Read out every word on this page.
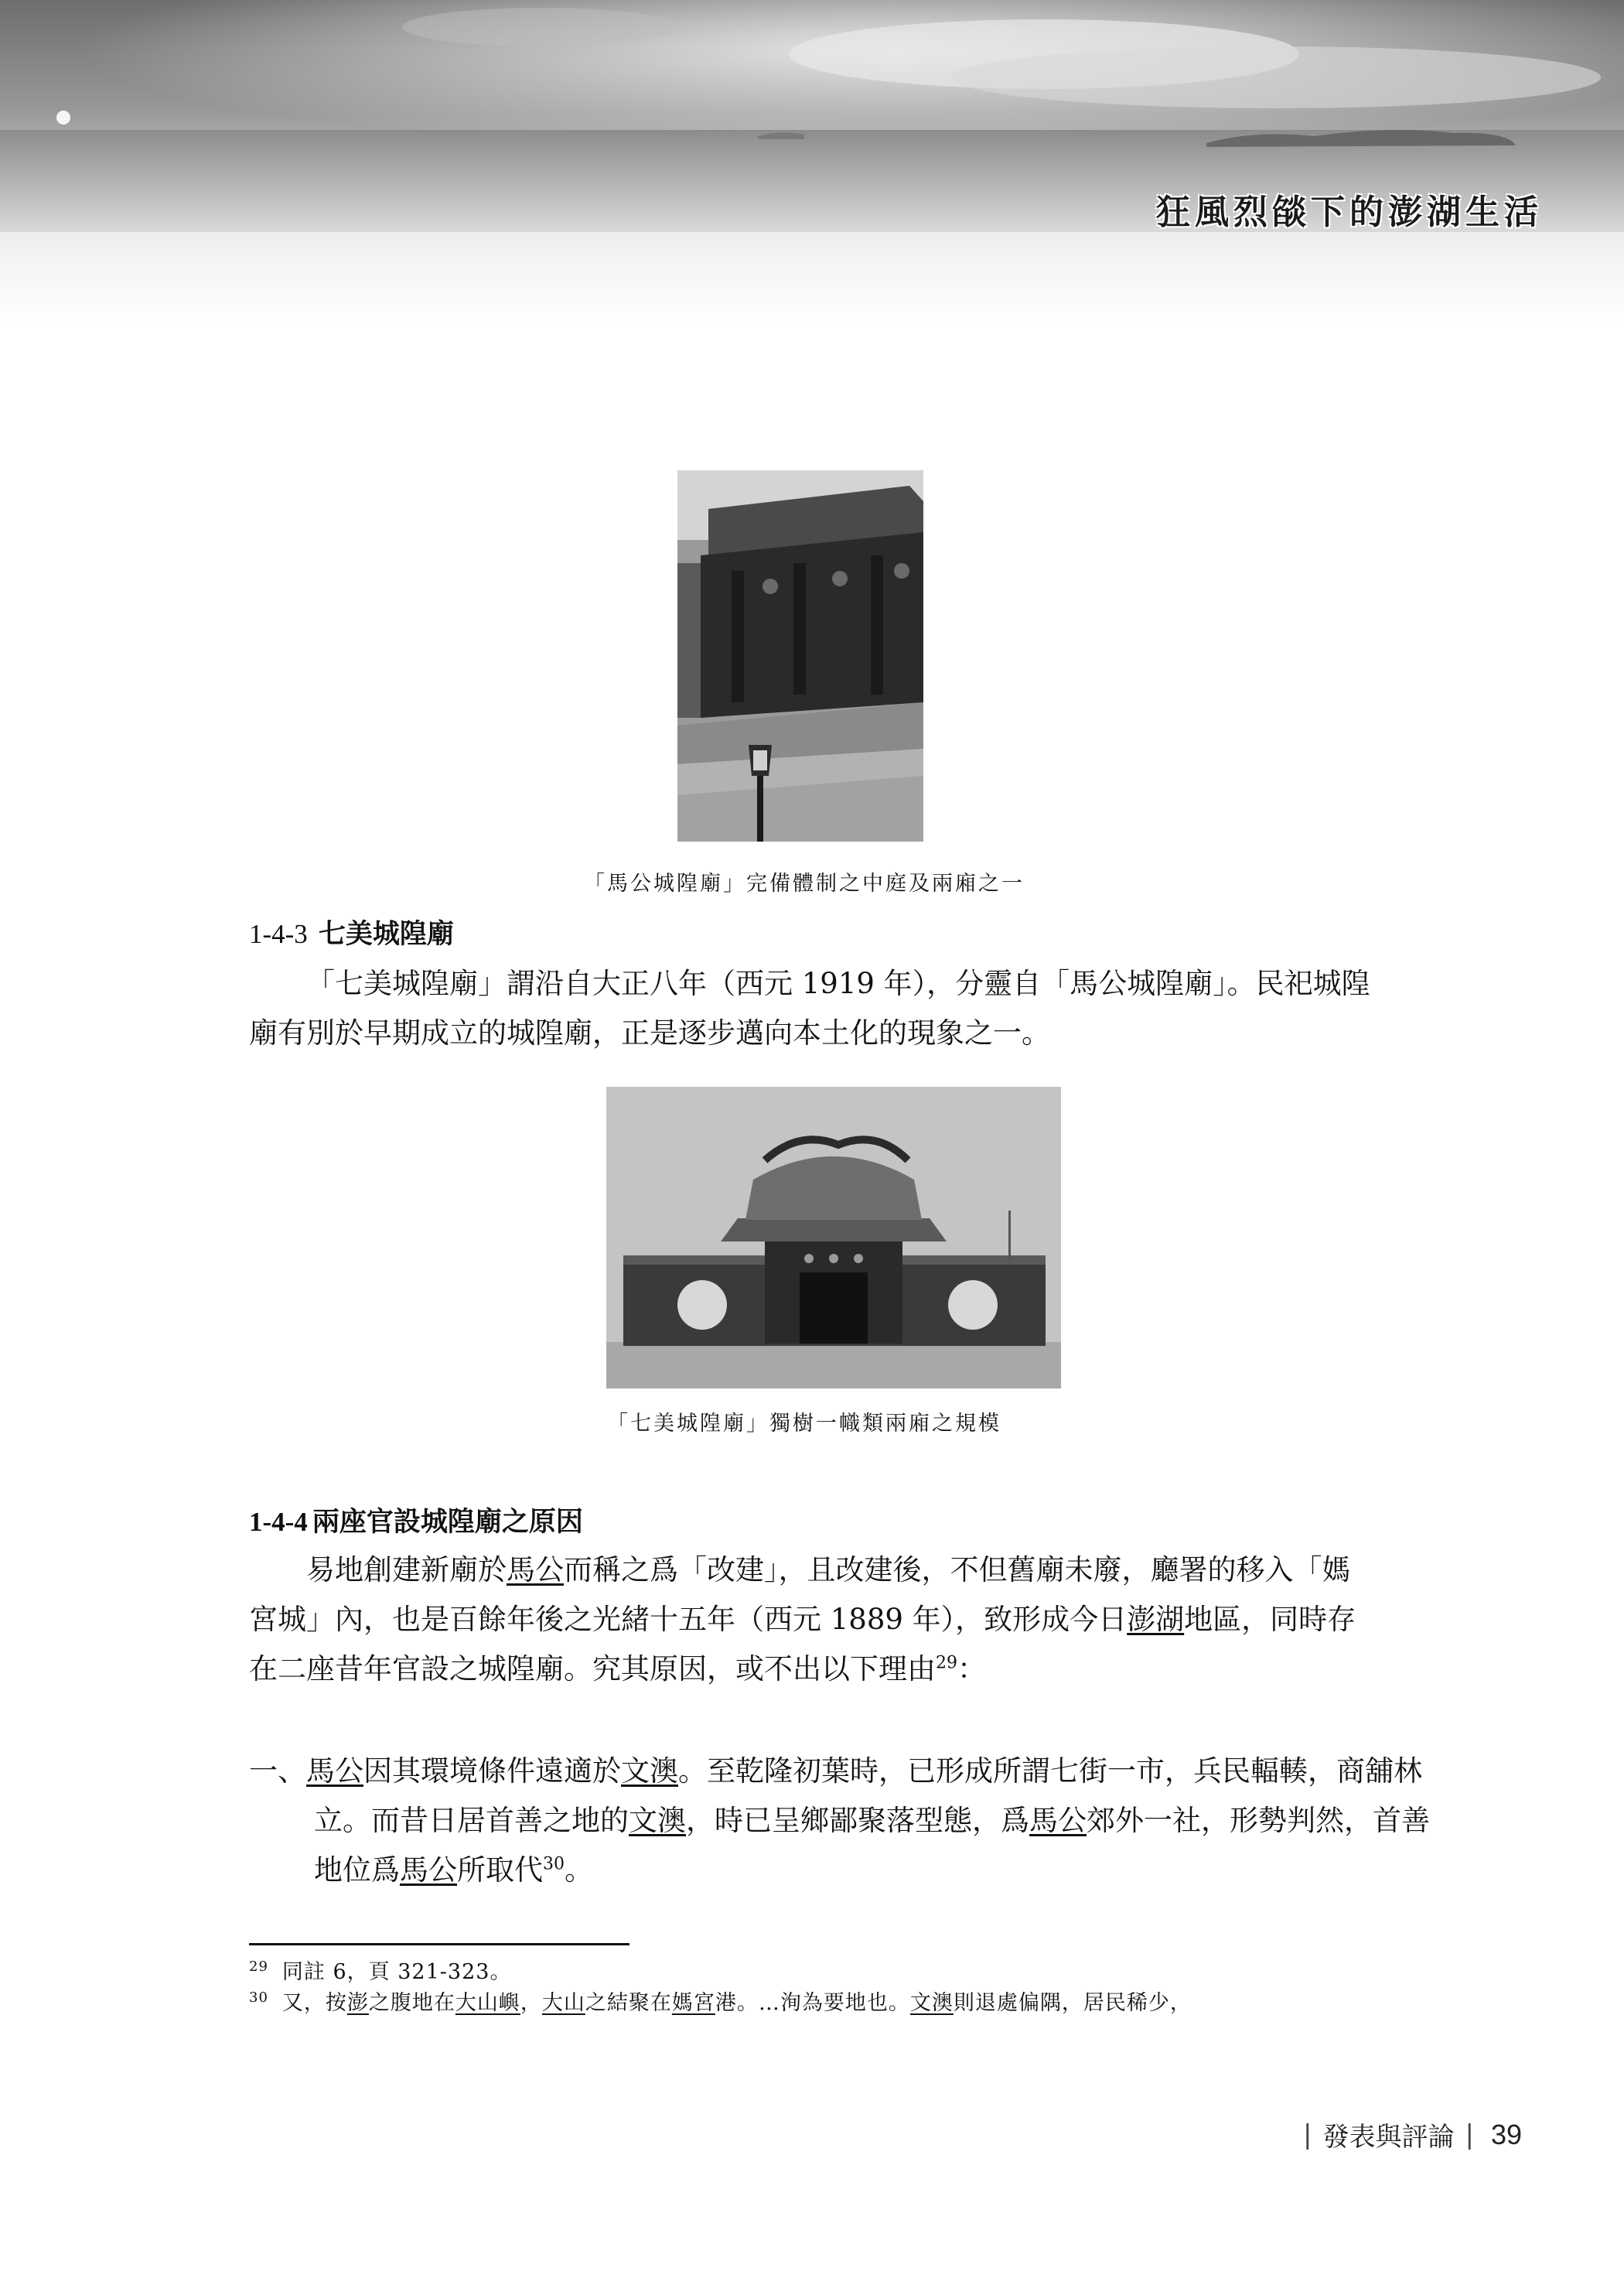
狂風烈燄下的澎湖生活
「馬公城隍廟」完備體制之中庭及兩廂之一
1-4-3 七美城隍廟
「七美城隍廟」謂沿自大正八年（西元 1919 年），分靈自「馬公城隍廟」。民祀城隍廟有別於早期成立的城隍廟，正是逐步邁向本土化的現象之一。
「七美城隍廟」獨樹一幟類兩廂之規模
1-4-4 兩座官設城隍廟之原因
易地創建新廟於馬公而稱之爲「改建」，且改建後，不但舊廟未廢，廳署的移入「媽宮城」內，也是百餘年後之光緒十五年（西元 1889 年），致形成今日澎湖地區，同時存在二座昔年官設之城隍廟。究其原因，或不出以下理由$^{29}$：
一、馬公因其環境條件遠適於文澳。至乾隆初葉時，已形成所謂七街一市，兵民輻輳，商舖林立。而昔日居首善之地的文澳，時已呈鄉鄙聚落型態，爲馬公郊外一社，形勢判然，首善地位爲馬公所取代$^{30}$。
$^{29}$ 同註 6，頁 321-323。
$^{30}$ 又，按澎之腹地在大山嶼，大山之結聚在媽宮港。…洵為要地也。文澳則退處偏隅，居民稀少，
| 發表與評論 | 39
